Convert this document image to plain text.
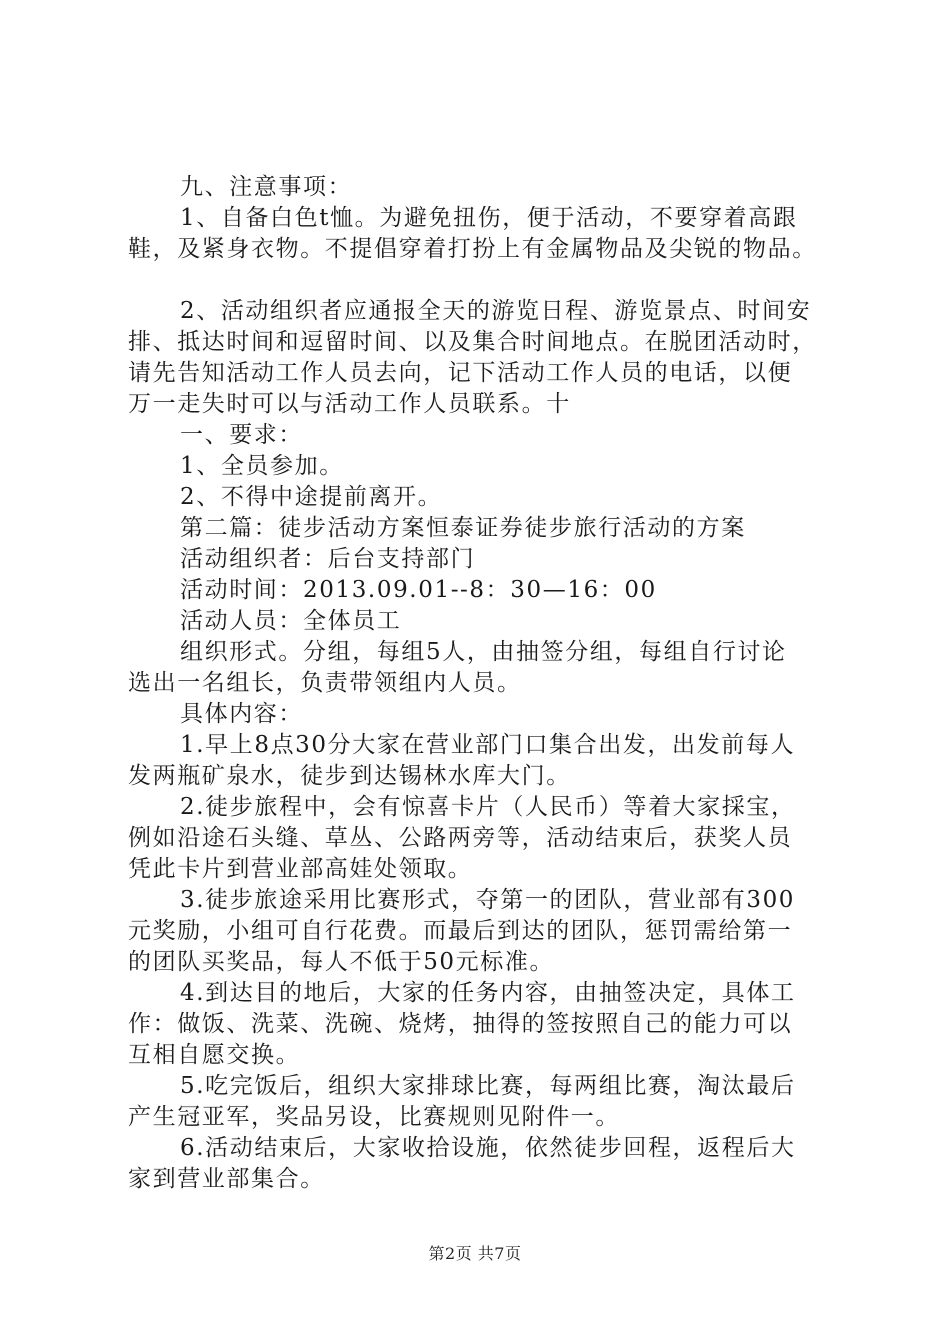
九、注意事项：
1、自备白色t恤。为避免扭伤，便于活动，不要穿着高跟
鞋，及紧身衣物。不提倡穿着打扮上有金属物品及尖锐的物品。
2、活动组织者应通报全天的游览日程、游览景点、时间安
排、抵达时间和逗留时间、以及集合时间地点。在脱团活动时，
请先告知活动工作人员去向，记下活动工作人员的电话，以便
万一走失时可以与活动工作人员联系。十
一、要求：
1、全员参加。
2、不得中途提前离开。
第二篇：徒步活动方案恒泰证券徒步旅行活动的方案
活动组织者：后台支持部门
活动时间：2013.09.01--8：30—16：00
活动人员：全体员工
组织形式。分组，每组5人，由抽签分组，每组自行讨论
选出一名组长，负责带领组内人员。
具体内容：
1.早上8点30分大家在营业部门口集合出发，出发前每人
发两瓶矿泉水，徒步到达锡林水库大门。
2.徒步旅程中，会有惊喜卡片（人民币）等着大家採宝，
例如沿途石头缝、草丛、公路两旁等，活动结束后，获奖人员
凭此卡片到营业部高娃处领取。
3.徒步旅途采用比赛形式，夺第一的团队，营业部有300
元奖励，小组可自行花费。而最后到达的团队，惩罚需给第一
的团队买奖品，每人不低于50元标准。
4.到达目的地后，大家的任务内容，由抽签决定，具体工
作：做饭、洗菜、洗碗、烧烤，抽得的签按照自己的能力可以
互相自愿交换。
5.吃完饭后，组织大家排球比赛，每两组比赛，淘汰最后
产生冠亚军，奖品另设，比赛规则见附件一。
6.活动结束后，大家收拾设施，依然徒步回程，返程后大
家到营业部集合。
第2页 共7页
